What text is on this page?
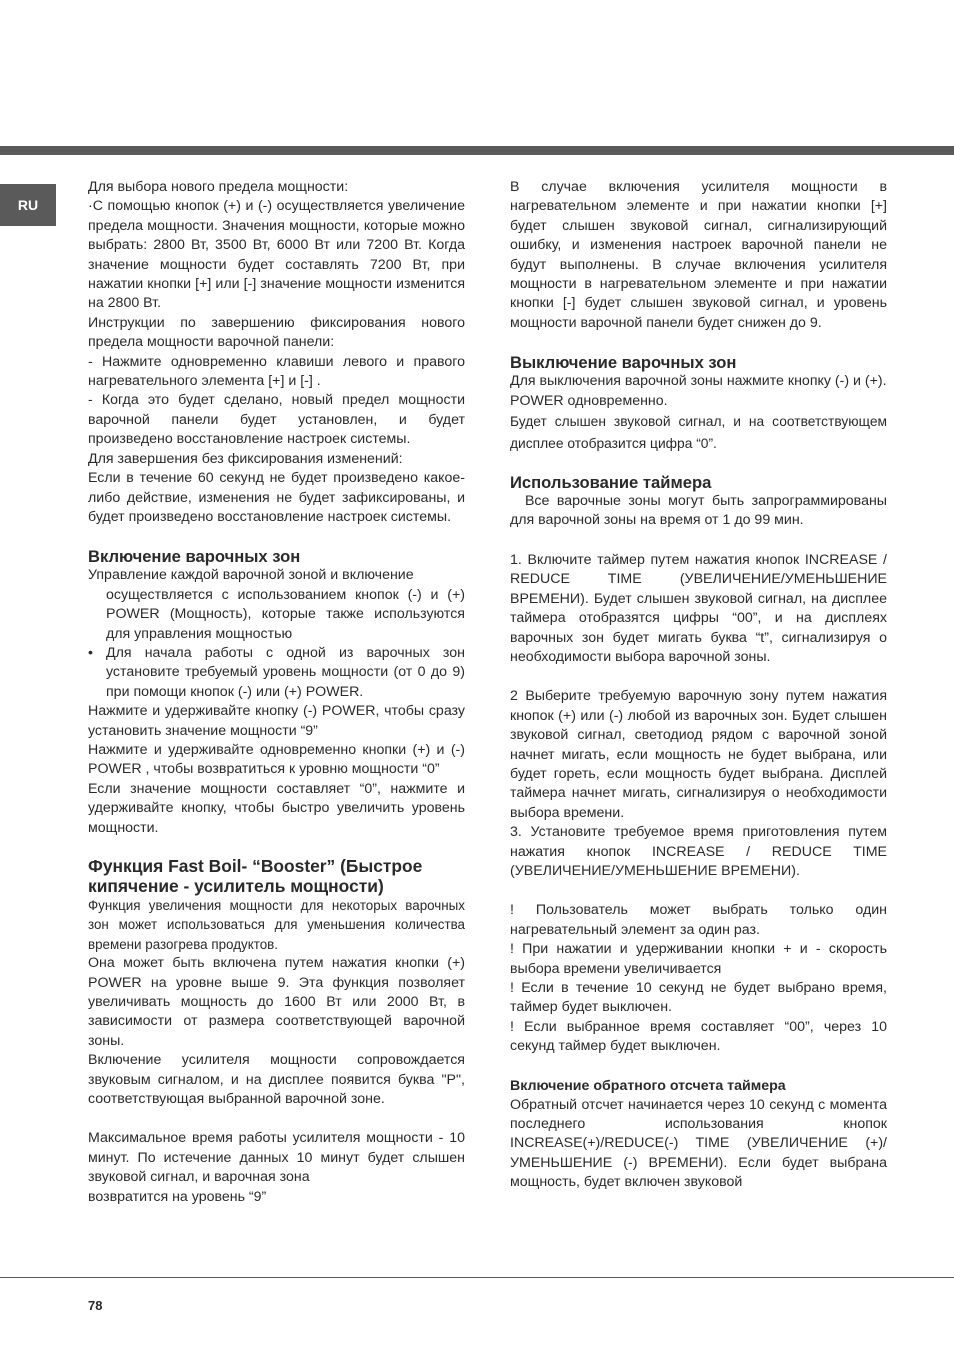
RU

Для выбора нового предела мощности:

·С помощью кнопок (+) и (-) осуществляется увеличение предела мощности. Значения мощности, которые можно выбрать: 2800 Вт, 3500 Вт, 6000 Вт или 7200 Вт. Когда значение мощности будет составлять 7200 Вт, при нажатии кнопки [+] или [-] значение мощности изменится на 2800 Вт.

Инструкции по завершению фиксирования нового предела мощности варочной панели:

- Нажмите одновременно клавиши левого и правого нагревательного элемента [+] и [-] .

- Когда это будет сделано, новый предел мощности варочной панели будет установлен, и будет произведено восстановление настроек системы.

Для завершения без фиксирования изменений:

Если в течение 60 секунд не будет произведено какое-либо действие, изменения не будет зафиксированы, и будет произведено восстановление настроек системы.

Включение варочных зон

Управление каждой варочной зоной и включение

осуществляется с использованием кнопок (-) и (+) POWER (Мощность), которые также используются для управления мощностью

• Для начала работы с одной из варочных зон установите требуемый уровень мощности (от 0 до 9) при помощи кнопок (-) или (+) POWER.

Нажмите и удерживайте кнопку (-) POWER, чтобы сразу установить значение мощности “9”

Нажмите и удерживайте одновременно кнопки (+) и (-) POWER , чтобы возвратиться к уровню мощности “0”

Если значение мощности составляет “0”, нажмите и удерживайте кнопку, чтобы быстро увеличить уровень мощности.

Функция Fast Boil- “Booster” (Быстрое кипячение - усилитель мощности)

Функция увеличения мощности для некоторых варочных зон может использоваться для уменьшения количества времени разогрева продуктов.

Она может быть включена путем нажатия кнопки (+) POWER на уровне выше 9. Эта функция позволяет увеличивать мощность до 1600 Вт или 2000 Вт, в зависимости от размера соответствующей варочной зоны.

Включение усилителя мощности сопровождается звуковым сигналом, и на дисплее появится буква "P", соответствующая выбранной варочной зоне.

Максимальное время работы усилителя мощности - 10 минут. По истечение данных 10 минут будет слышен звуковой сигнал, и варочная зона

возвратится на уровень “9”

В случае включения усилителя мощности в нагревательном элементе и при нажатии кнопки [+] будет слышен звуковой сигнал, сигнализирующий ошибку, и изменения настроек варочной панели не будут выполнены. В случае включения усилителя мощности в нагревательном элементе и при нажатии кнопки [-] будет слышен звуковой сигнал, и уровень мощности варочной панели будет снижен до 9.

Выключение варочных зон

Для выключения варочной зоны нажмите кнопку (-) и (+).

POWER одновременно.

Будет слышен звуковой сигнал, и на соответствующем дисплее отобразится цифра “0”.

Использование таймера

Все варочные зоны могут быть запрограммированы для варочной зоны на время от 1 до 99 мин.

1. Включите таймер путем нажатия кнопок INCREASE / REDUCE TIME (УВЕЛИЧЕНИЕ/УМЕНЬШЕНИЕ ВРЕМЕНИ). Будет слышен звуковой сигнал, на дисплее таймера отобразятся цифры “00”, и на дисплеях варочных зон будет мигать буква “t”, сигнализируя о необходимости выбора варочной зоны.

2 Выберите требуемую варочную зону путем нажатия кнопок (+) или (-) любой из варочных зон. Будет слышен звуковой сигнал, светодиод рядом с варочной зоной начнет мигать, если мощность не будет выбрана, или будет гореть, если мощность будет выбрана. Дисплей таймера начнет мигать, сигнализируя о необходимости выбора времени.

3. Установите требуемое время приготовления путем нажатия кнопок INCREASE / REDUCE TIME (УВЕЛИЧЕНИЕ/УМЕНЬШЕНИЕ ВРЕМЕНИ).

! Пользователь может выбрать только один нагревательный элемент за один раз.

! При нажатии и удерживании кнопки + и - скорость выбора времени увеличивается

! Если в течение 10 секунд не будет выбрано время, таймер будет выключен.

! Если выбранное время составляет “00”, через 10 секунд таймер будет выключен.

Включение обратного отсчета таймера

Обратный отсчет начинается через 10 секунд с момента последнего использования кнопок INCREASE(+)/REDUCE(-) TIME (УВЕЛИЧЕНИЕ (+)/ УМЕНЬШЕНИЕ (-) ВРЕМЕНИ). Если будет выбрана мощность, будет включен звуковой

78
